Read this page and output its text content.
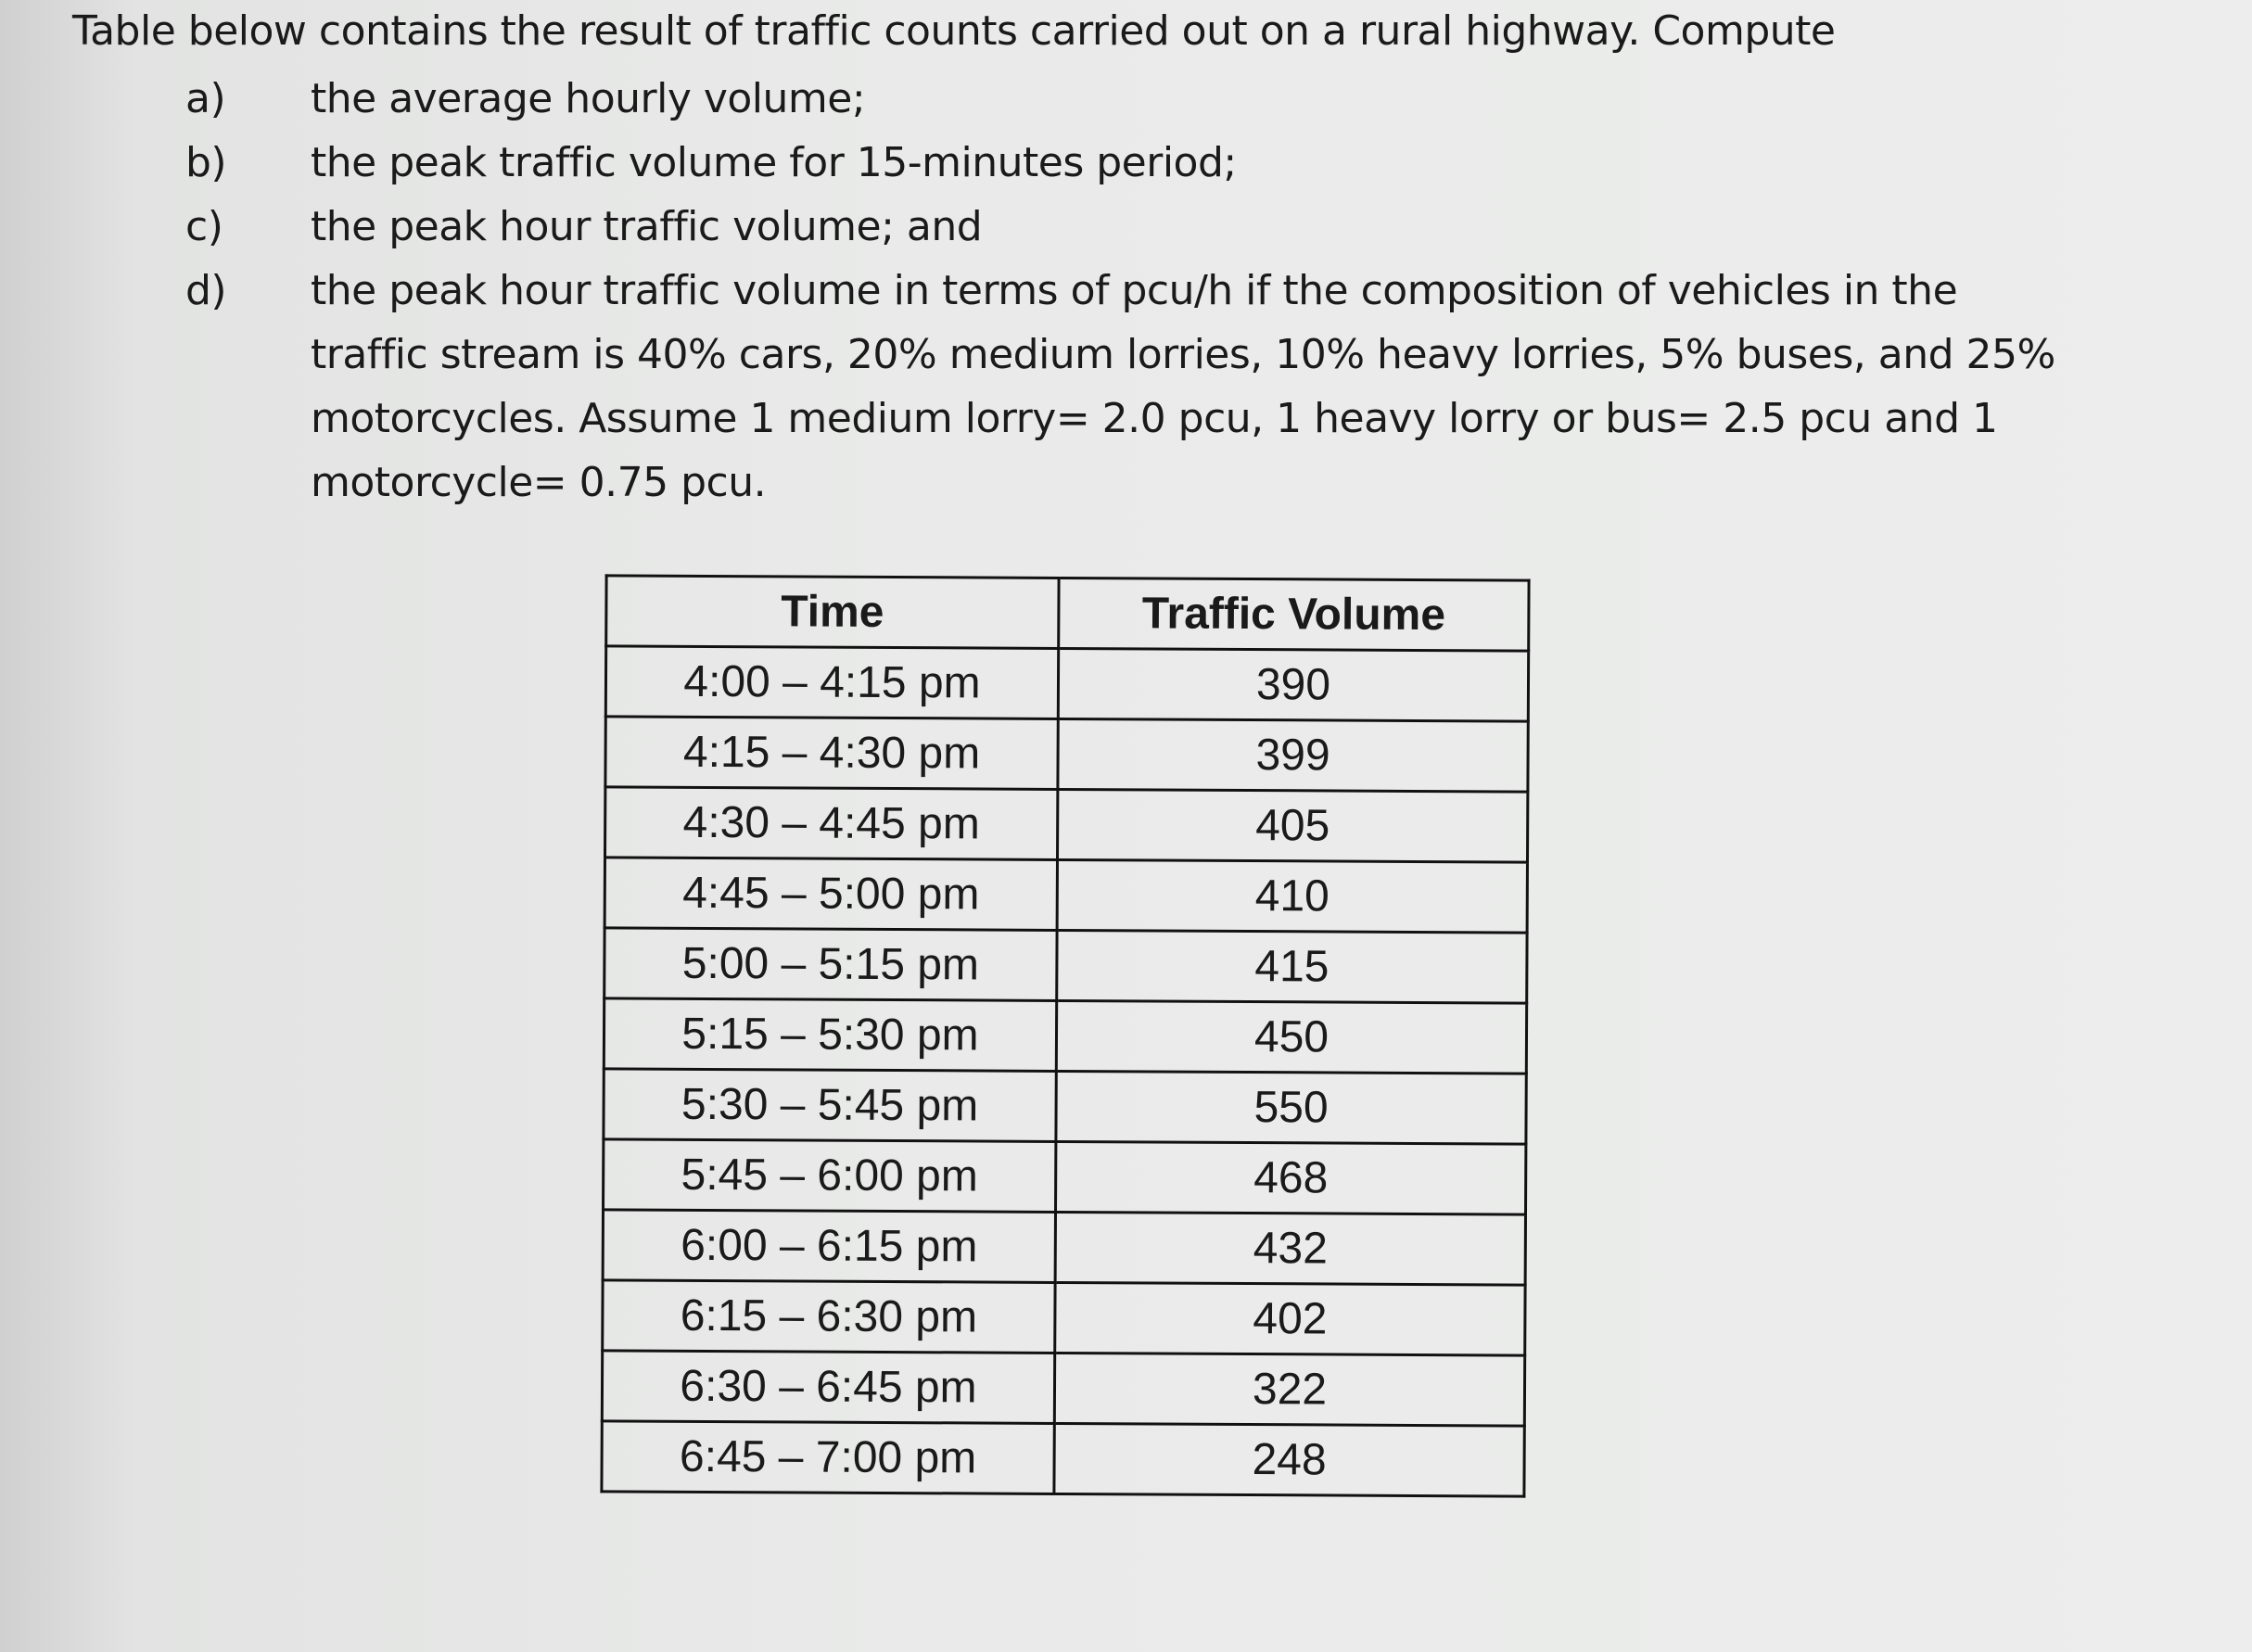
Table below contains the result of traffic counts carried out on a rural highway. Compute
a)	the average hourly volume;
b)	the peak traffic volume for 15-minutes period;
c)	the peak hour traffic volume; and
d)	the peak hour traffic volume in terms of pcu/h if the composition of vehicles in the traffic stream is 40% cars, 20% medium lorries, 10% heavy lorries, 5% buses, and 25% motorcycles. Assume 1 medium lorry= 2.0 pcu, 1 heavy lorry or bus= 2.5 pcu and 1 motorcycle= 0.75 pcu.
Time	Traffic Volume
4:00 – 4:15 pm	390
4:15 – 4:30 pm	399
4:30 – 4:45 pm	405
4:45 – 5:00 pm	410
5:00 – 5:15 pm	415
5:15 – 5:30 pm	450
5:30 – 5:45 pm	550
5:45 – 6:00 pm	468
6:00 – 6:15 pm	432
6:15 – 6:30 pm	402
6:30 – 6:45 pm	322
6:45 – 7:00 pm	248
